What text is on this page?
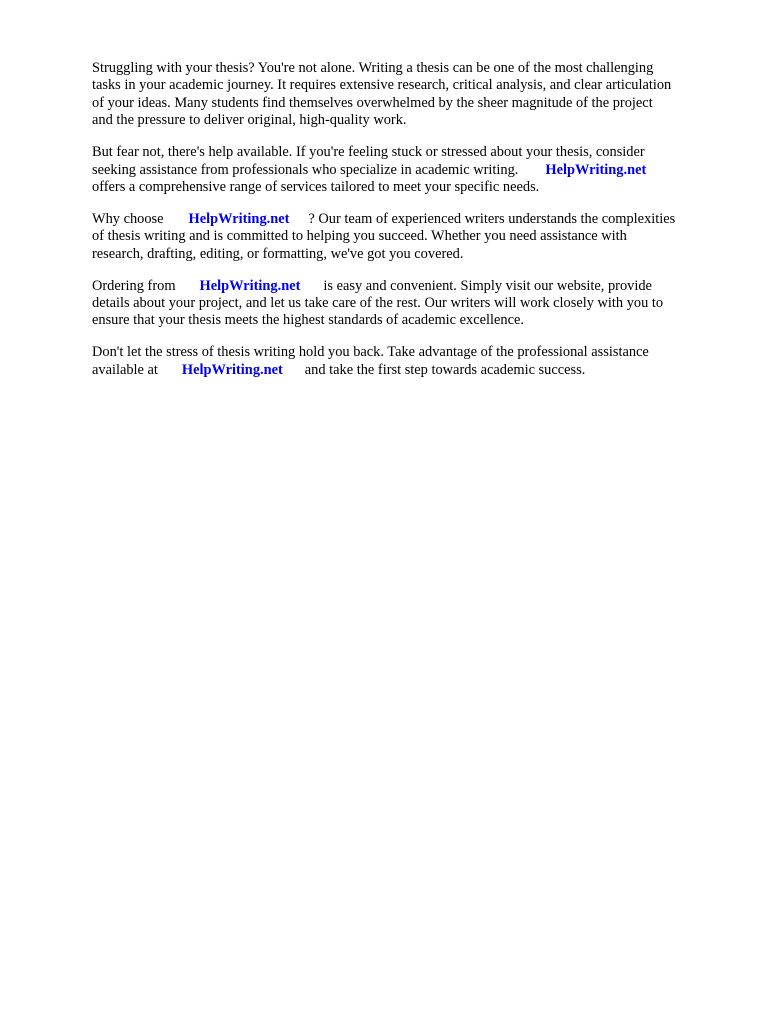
Struggling with your thesis? You're not alone. Writing a thesis can be one of the most challenging
tasks in your academic journey. It requires extensive research, critical analysis, and clear articulation
of your ideas. Many students find themselves overwhelmed by the sheer magnitude of the project
and the pressure to deliver original, high-quality work.

But fear not, there's help available. If you're feeling stuck or stressed about your thesis, consider
seeking assistance from professionals who specialize in academic writing. HelpWriting.net
offers a comprehensive range of services tailored to meet your specific needs.

Why choose HelpWriting.net ? Our team of experienced writers understands the complexities
of thesis writing and is committed to helping you succeed. Whether you need assistance with
research, drafting, editing, or formatting, we've got you covered.

Ordering from HelpWriting.net is easy and convenient. Simply visit our website, provide
details about your project, and let us take care of the rest. Our writers will work closely with you to
ensure that your thesis meets the highest standards of academic excellence.

Don't let the stress of thesis writing hold you back. Take advantage of the professional assistance
available at HelpWriting.net and take the first step towards academic success.
